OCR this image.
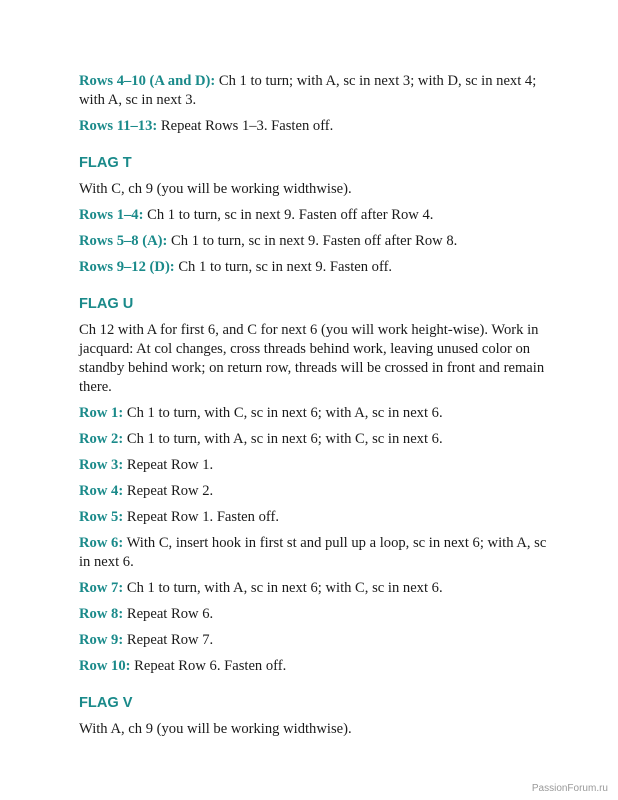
Rows 4–10 (A and D): Ch 1 to turn; with A, sc in next 3; with D, sc in next 4; with A, sc in next 3.

Rows 11–13: Repeat Rows 1–3. Fasten off.

FLAG T

With C, ch 9 (you will be working widthwise).

Rows 1–4: Ch 1 to turn, sc in next 9. Fasten off after Row 4.

Rows 5–8 (A): Ch 1 to turn, sc in next 9. Fasten off after Row 8.

Rows 9–12 (D): Ch 1 to turn, sc in next 9. Fasten off.

FLAG U

Ch 12 with A for first 6, and C for next 6 (you will work height-wise). Work in jacquard: At col changes, cross threads behind work, leaving unused color on standby behind work; on return row, threads will be crossed in front and remain there.

Row 1: Ch 1 to turn, with C, sc in next 6; with A, sc in next 6.

Row 2: Ch 1 to turn, with A, sc in next 6; with C, sc in next 6.

Row 3: Repeat Row 1.

Row 4: Repeat Row 2.

Row 5: Repeat Row 1. Fasten off.

Row 6: With C, insert hook in first st and pull up a loop, sc in next 6; with A, sc in next 6.

Row 7: Ch 1 to turn, with A, sc in next 6; with C, sc in next 6.

Row 8: Repeat Row 6.

Row 9: Repeat Row 7.

Row 10: Repeat Row 6. Fasten off.

FLAG V

With A, ch 9 (you will be working widthwise).

PassionForum.ru
